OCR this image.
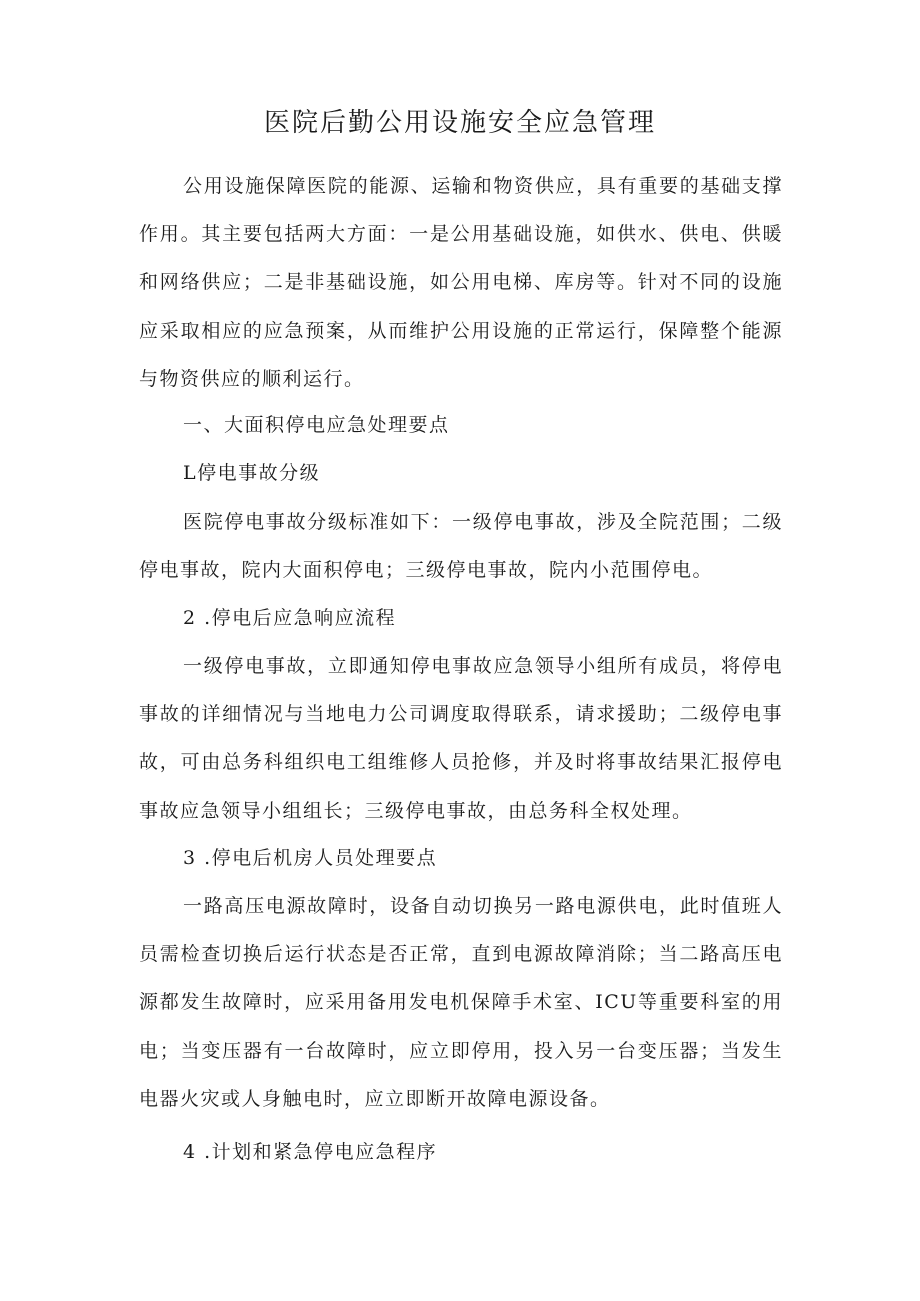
医院后勤公用设施安全应急管理

公用设施保障医院的能源、运输和物资供应，具有重要的基础支撑作用。其主要包括两大方面：一是公用基础设施，如供水、供电、供暖和网络供应；二是非基础设施，如公用电梯、库房等。针对不同的设施应采取相应的应急预案，从而维护公用设施的正常运行，保障整个能源与物资供应的顺利运行。

一、大面积停电应急处理要点

L停电事故分级

医院停电事故分级标准如下：一级停电事故，涉及全院范围；二级停电事故，院内大面积停电；三级停电事故，院内小范围停电。

2 .停电后应急响应流程

一级停电事故，立即通知停电事故应急领导小组所有成员，将停电事故的详细情况与当地电力公司调度取得联系，请求援助；二级停电事故，可由总务科组织电工组维修人员抢修，并及时将事故结果汇报停电事故应急领导小组组长；三级停电事故，由总务科全权处理。

3 .停电后机房人员处理要点

一路高压电源故障时，设备自动切换另一路电源供电，此时值班人员需检查切换后运行状态是否正常，直到电源故障消除；当二路高压电源都发生故障时，应采用备用发电机保障手术室、ICU等重要科室的用电；当变压器有一台故障时，应立即停用，投入另一台变压器；当发生电器火灾或人身触电时，应立即断开故障电源设备。

4 .计划和紧急停电应急程序
